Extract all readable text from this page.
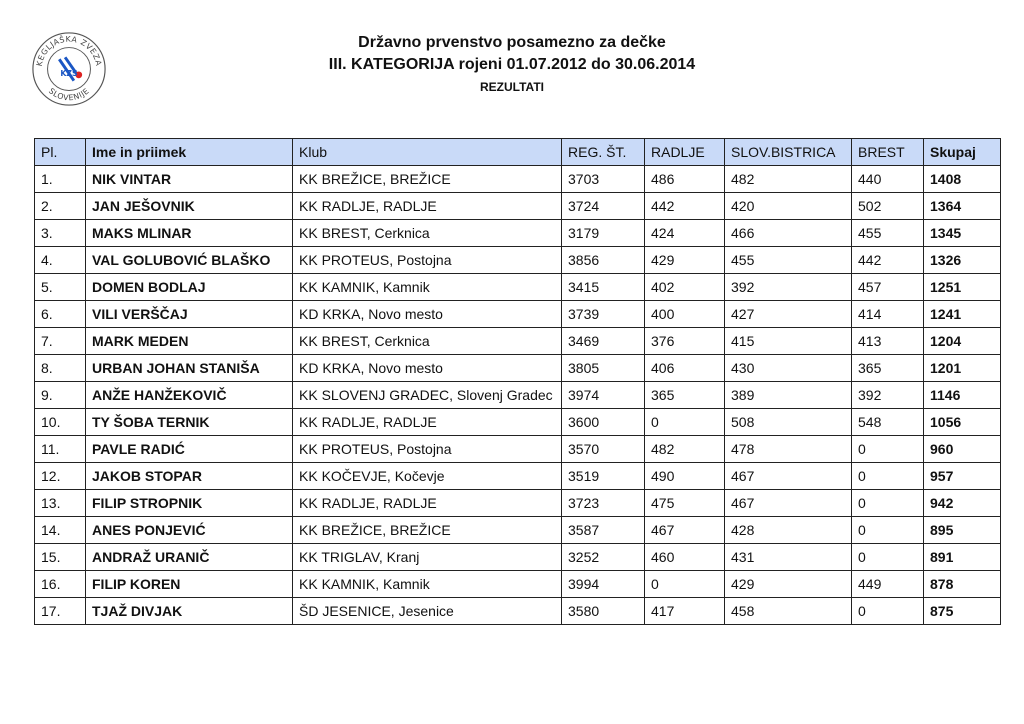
KEGLJAŠKA ZVEZA
SLOVENIJE
KZS
Državno prvenstvo posamezno za dečke
III. KATEGORIJA rojeni 01.07.2012 do 30.06.2014
REZULTATI
Pl.	Ime in priimek	Klub	REG. ŠT.	RADLJE	SLOV.BISTRICA	BREST	Skupaj
1.	NIK VINTAR	KK BREŽICE, BREŽICE	3703	486	482	440	1408
2.	JAN JEŠOVNIK	KK RADLJE, RADLJE	3724	442	420	502	1364
3.	MAKS MLINAR	KK BREST, Cerknica	3179	424	466	455	1345
4.	VAL GOLUBOVIĆ BLAŠKO	KK PROTEUS, Postojna	3856	429	455	442	1326
5.	DOMEN BODLAJ	KK KAMNIK, Kamnik	3415	402	392	457	1251
6.	VILI VERŠČAJ	KD KRKA, Novo mesto	3739	400	427	414	1241
7.	MARK MEDEN	KK BREST, Cerknica	3469	376	415	413	1204
8.	URBAN JOHAN STANIŠA	KD KRKA, Novo mesto	3805	406	430	365	1201
9.	ANŽE HANŽEKOVIČ	KK SLOVENJ GRADEC, Slovenj Gradec	3974	365	389	392	1146
10.	TY ŠOBA TERNIK	KK RADLJE, RADLJE	3600	0	508	548	1056
11.	PAVLE RADIĆ	KK PROTEUS, Postojna	3570	482	478	0	960
12.	JAKOB STOPAR	KK KOČEVJE, Kočevje	3519	490	467	0	957
13.	FILIP STROPNIK	KK RADLJE, RADLJE	3723	475	467	0	942
14.	ANES PONJEVIĆ	KK BREŽICE, BREŽICE	3587	467	428	0	895
15.	ANDRAŽ URANIČ	KK TRIGLAV, Kranj	3252	460	431	0	891
16.	FILIP KOREN	KK KAMNIK, Kamnik	3994	0	429	449	878
17.	TJAŽ DIVJAK	ŠD JESENICE, Jesenice	3580	417	458	0	875
